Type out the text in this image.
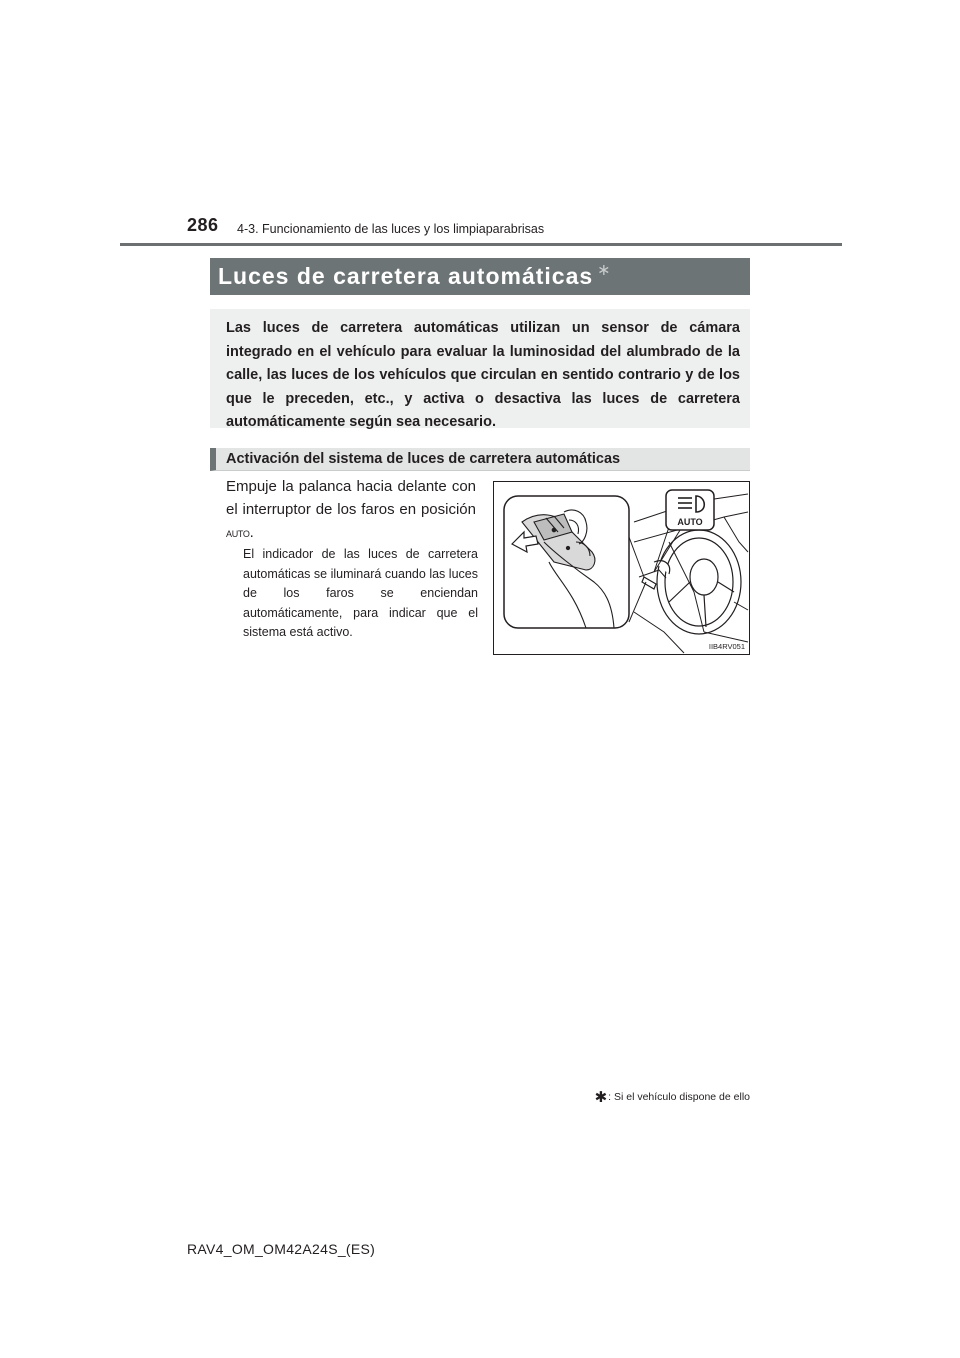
286 4-3. Funcionamiento de las luces y los limpiaparabrisas
Luces de carretera automáticas ∗

Las luces de carretera automáticas utilizan un sensor de cámara integrado en el vehículo para evaluar la luminosidad del alumbrado de la calle, las luces de los vehículos que circulan en sentido contrario y de los que le preceden, etc., y activa o desactiva las luces de carretera automáticamente según sea necesario.

Activación del sistema de luces de carretera automáticas

Empuje la palanca hacia delante con el interruptor de los faros en posición AUTO.

El indicador de las luces de carretera automáticas se iluminará cuando las luces de los faros se enciendan automáticamente, para indicar que el sistema está activo.

AUTO
IIB4RV051
✱ : Si el vehículo dispone de ello
RAV4_OM_OM42A24S_(ES)
